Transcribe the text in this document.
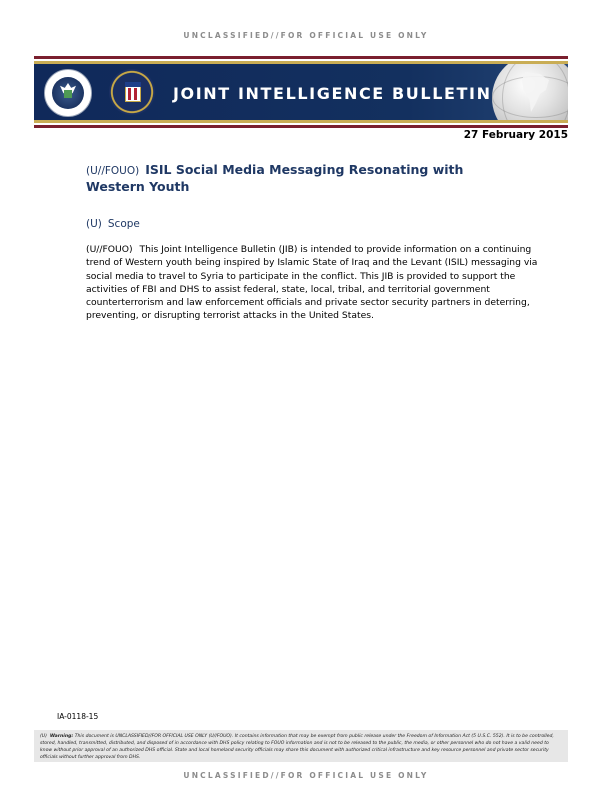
UNCLASSIFIED//FOR OFFICIAL USE ONLY
JOINT INTELLIGENCE BULLETIN
27 February 2015
(U//FOUO) ISIL Social Media Messaging Resonating with Western Youth
(U) Scope
(U//FOUO) This Joint Intelligence Bulletin (JIB) is intended to provide information on a continuing trend of Western youth being inspired by Islamic State of Iraq and the Levant (ISIL) messaging via social media to travel to Syria to participate in the conflict. This JIB is provided to support the activities of FBI and DHS to assist federal, state, local, tribal, and territorial government counterterrorism and law enforcement officials and private sector security partners in deterring, preventing, or disrupting terrorist attacks in the United States.
IA-0118-15
(U) Warning: This document is UNCLASSIFIED//FOR OFFICIAL USE ONLY (U//FOUO). It contains information that may be exempt from public release under the Freedom of Information Act (5 U.S.C. 552). It is to be controlled, stored, handled, transmitted, distributed, and disposed of in accordance with DHS policy relating to FOUO information and is not to be released to the public, the media, or other personnel who do not have a valid need to know without prior approval of an authorized DHS official. State and local homeland security officials may share this document with authorized critical infrastructure and key resource personnel and private sector security officials without further approval from DHS.
UNCLASSIFIED//FOR OFFICIAL USE ONLY
